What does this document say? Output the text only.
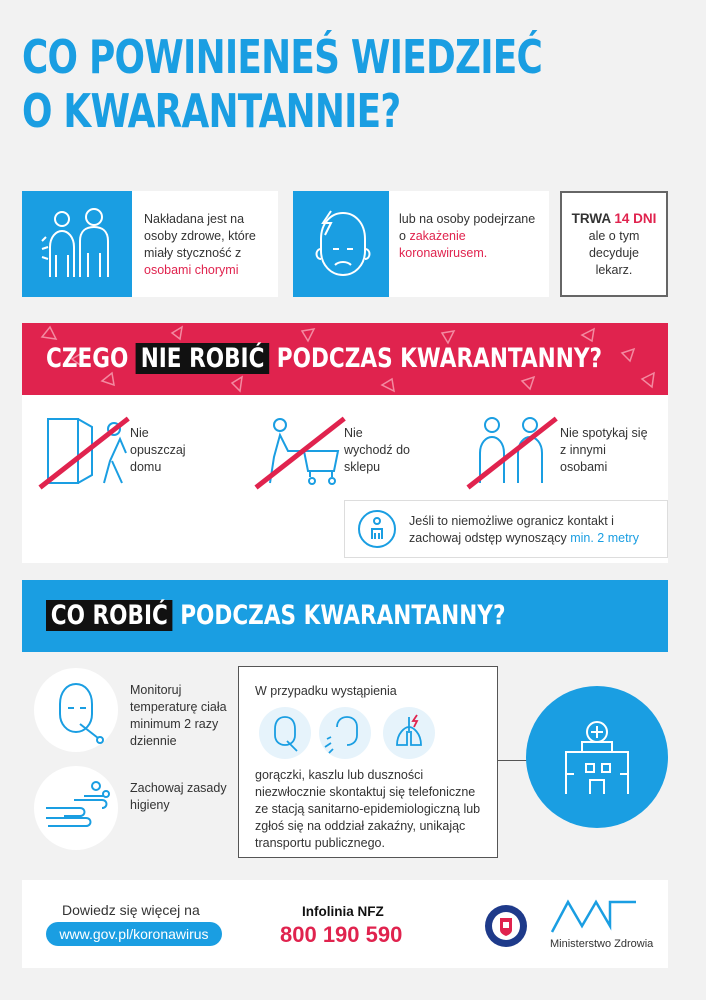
CO POWINIENEŚ WIEDZIEĆ
O KWARANTANNIE?
Nakładana jest na osoby zdrowe, które miały styczność z osobami chorymi
lub na osoby podejrzane o zakażenie koronawirusem.
TRWA 14 DNI
ale o tym decyduje lekarz.
CZEGO NIE ROBIĆ PODCZAS KWARANTANNY?
Nie opuszczaj domu
Nie wychodź do sklepu
Nie spotykaj się z innymi osobami
Jeśli to niemożliwe ogranicz kontakt i zachowaj odstęp wynoszący min. 2 metry
CO ROBIĆ PODCZAS KWARANTANNY?
Monitoruj temperaturę ciała minimum 2 razy dziennie
Zachowaj zasady higieny
W przypadku wystąpienia
gorączki, kaszlu lub duszności niezwłocznie skontaktuj się telefoniczne ze stacją sanitarno-epidemiologiczną lub zgłoś się na oddział zakaźny, unikając transportu publicznego.
Dowiedz się więcej na
www.gov.pl/koronawirus
Infolinia NFZ
800 190 590	Ministerstwo Zdrowia
